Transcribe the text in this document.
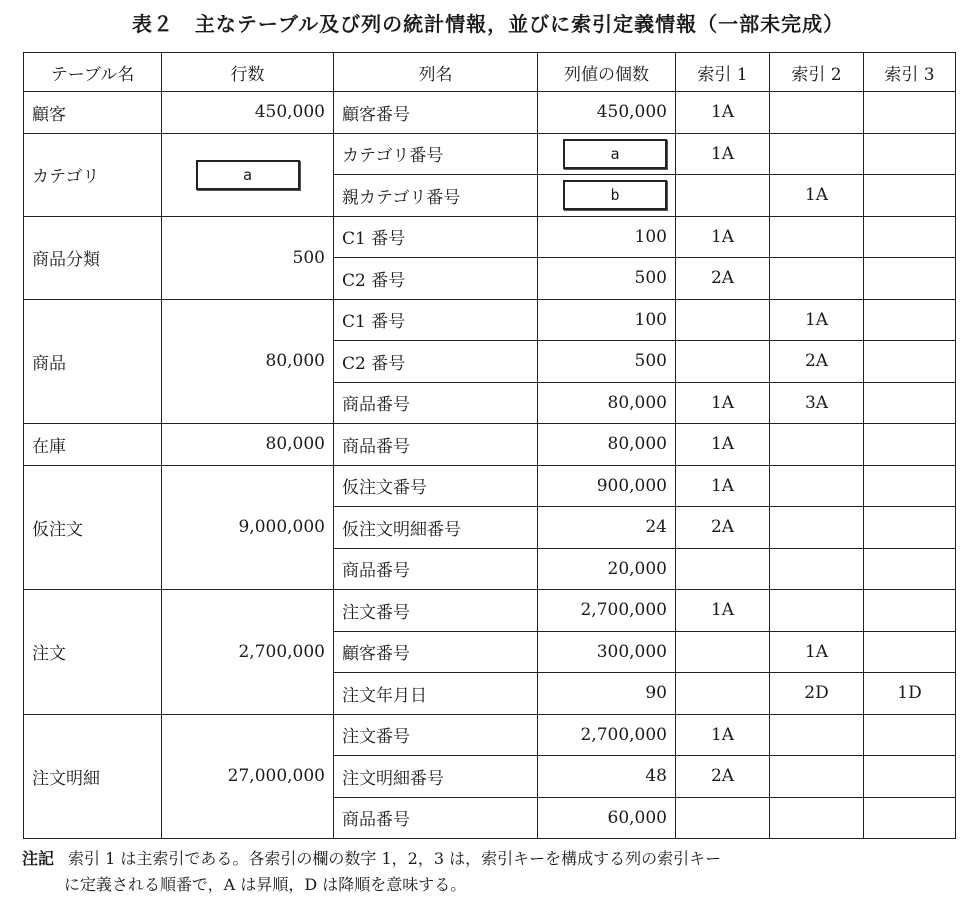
表２　主なテーブル及び列の統計情報，並びに索引定義情報（一部未完成）
テーブル名	行数	列名	列値の個数	索引 1	索引 2	索引 3
顧客	450,000	顧客番号	450,000	1A		
カテゴリ	a	カテゴリ番号	a	1A		
		親カテゴリ番号	b		1A	
商品分類	500	C1 番号	100	1A		
		C2 番号	500	2A		
商品	80,000	C1 番号	100		1A	
		C2 番号	500		2A	
		商品番号	80,000	1A	3A	
在庫	80,000	商品番号	80,000	1A		
仮注文	9,000,000	仮注文番号	900,000	1A		
		仮注文明細番号	24	2A		
		商品番号	20,000			
注文	2,700,000	注文番号	2,700,000	1A		
		顧客番号	300,000		1A	
		注文年月日	90		2D	1D
注文明細	27,000,000	注文番号	2,700,000	1A		
		注文明細番号	48	2A		
		商品番号	60,000			
注記 索引 1 は主索引である。各索引の欄の数字 1，2，3 は，索引キーを構成する列の索引キー
に定義される順番で，A は昇順，D は降順を意味する。
